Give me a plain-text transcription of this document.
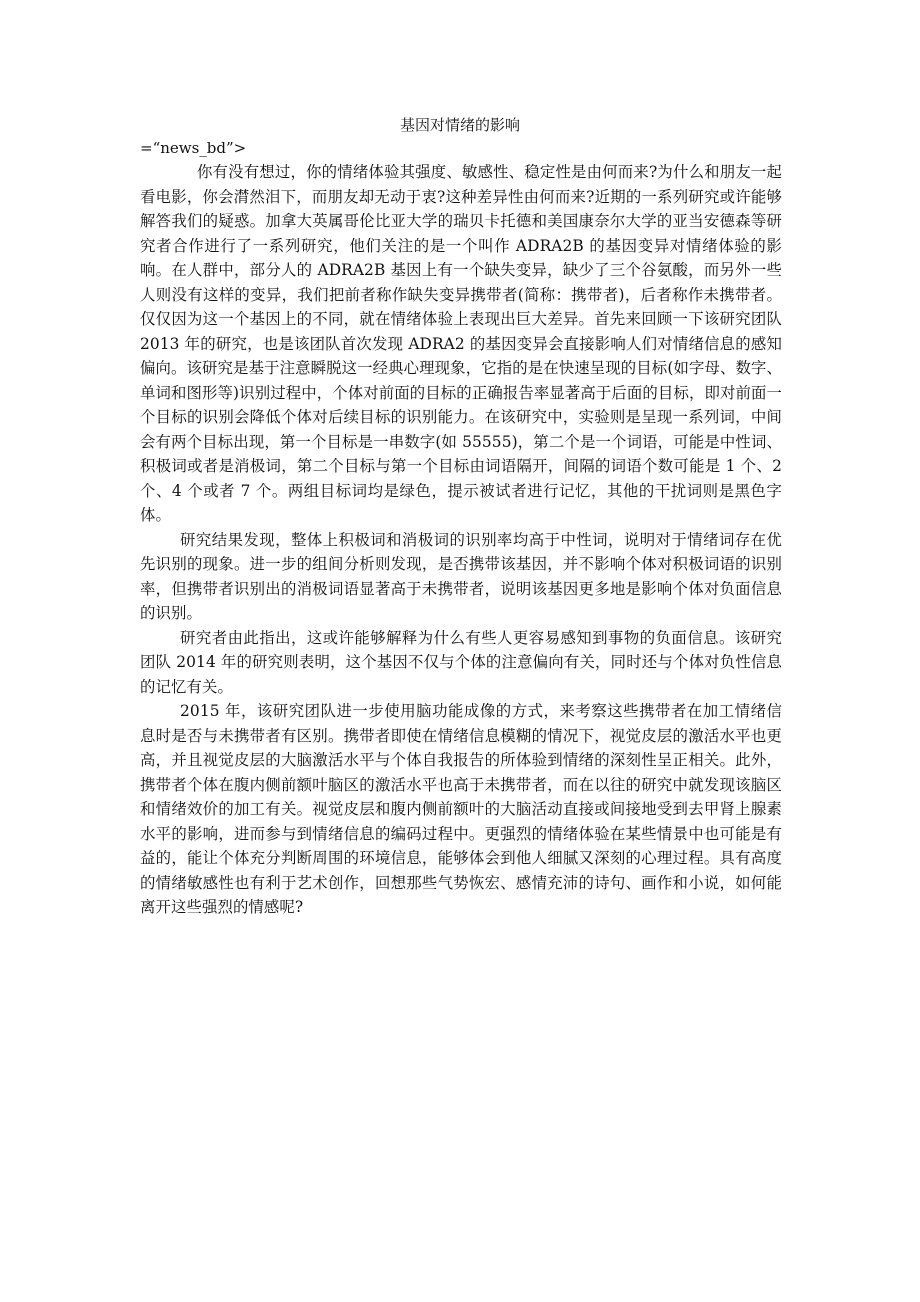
基因对情绪的影响
=“news_bd”>

你有没有想过，你的情绪体验其强度、敏感性、稳定性是由何而来?为什么和朋友一起看电影，你会潸然泪下，而朋友却无动于衷?这种差异性由何而来?近期的一系列研究或许能够解答我们的疑惑。加拿大英属哥伦比亚大学的瑞贝卡托德和美国康奈尔大学的亚当安德森等研究者合作进行了一系列研究，他们关注的是一个叫作 ADRA2B 的基因变异对情绪体验的影响。在人群中，部分人的 ADRA2B 基因上有一个缺失变异，缺少了三个谷氨酸，而另外一些人则没有这样的变异，我们把前者称作缺失变异携带者(简称：携带者)，后者称作未携带者。仅仅因为这一个基因上的不同，就在情绪体验上表现出巨大差异。首先来回顾一下该研究团队 2013 年的研究，也是该团队首次发现 ADRA2 的基因变异会直接影响人们对情绪信息的感知偏向。该研究是基于注意瞬脱这一经典心理现象，它指的是在快速呈现的目标(如字母、数字、单词和图形等)识别过程中，个体对前面的目标的正确报告率显著高于后面的目标，即对前面一个目标的识别会降低个体对后续目标的识别能力。在该研究中，实验则是呈现一系列词，中间会有两个目标出现，第一个目标是一串数字(如 55555)，第二个是一个词语，可能是中性词、积极词或者是消极词，第二个目标与第一个目标由词语隔开，间隔的词语个数可能是 1 个、2 个、4 个或者 7 个。两组目标词均是绿色，提示被试者进行记忆，其他的干扰词则是黑色字体。

研究结果发现，整体上积极词和消极词的识别率均高于中性词，说明对于情绪词存在优先识别的现象。进一步的组间分析则发现，是否携带该基因，并不影响个体对积极词语的识别率，但携带者识别出的消极词语显著高于未携带者，说明该基因更多地是影响个体对负面信息的识别。

研究者由此指出，这或许能够解释为什么有些人更容易感知到事物的负面信息。该研究团队 2014 年的研究则表明，这个基因不仅与个体的注意偏向有关，同时还与个体对负性信息的记忆有关。

2015 年，该研究团队进一步使用脑功能成像的方式，来考察这些携带者在加工情绪信息时是否与未携带者有区别。携带者即使在情绪信息模糊的情况下，视觉皮层的激活水平也更高，并且视觉皮层的大脑激活水平与个体自我报告的所体验到情绪的深刻性呈正相关。此外，携带者个体在腹内侧前额叶脑区的激活水平也高于未携带者，而在以往的研究中就发现该脑区和情绪效价的加工有关。视觉皮层和腹内侧前额叶的大脑活动直接或间接地受到去甲肾上腺素水平的影响，进而参与到情绪信息的编码过程中。更强烈的情绪体验在某些情景中也可能是有益的，能让个体充分判断周围的环境信息，能够体会到他人细腻又深刻的心理过程。具有高度的情绪敏感性也有利于艺术创作，回想那些气势恢宏、感情充沛的诗句、画作和小说，如何能离开这些强烈的情感呢?
